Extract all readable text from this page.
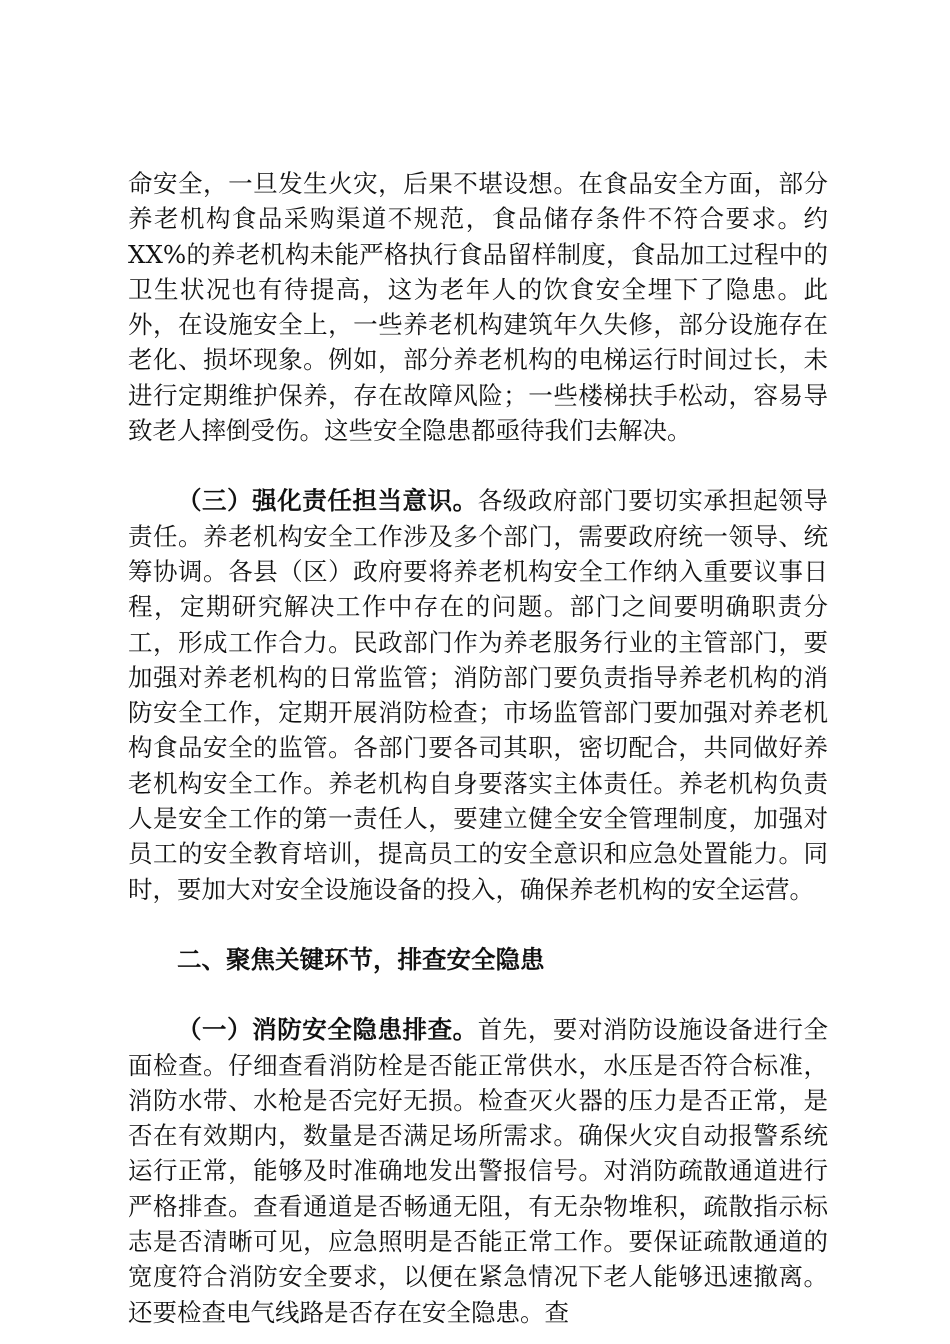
命安全，一旦发生火灾，后果不堪设想。在食品安全方面，部分养老机构食品采购渠道不规范，食品储存条件不符合要求。约XX%的养老机构未能严格执行食品留样制度，食品加工过程中的卫生状况也有待提高，这为老年人的饮食安全埋下了隐患。此外，在设施安全上，一些养老机构建筑年久失修，部分设施存在老化、损坏现象。例如，部分养老机构的电梯运行时间过长，未进行定期维护保养，存在故障风险；一些楼梯扶手松动，容易导致老人摔倒受伤。这些安全隐患都亟待我们去解决。

（三）强化责任担当意识。各级政府部门要切实承担起领导责任。养老机构安全工作涉及多个部门，需要政府统一领导、统筹协调。各县（区）政府要将养老机构安全工作纳入重要议事日程，定期研究解决工作中存在的问题。部门之间要明确职责分工，形成工作合力。民政部门作为养老服务行业的主管部门，要加强对养老机构的日常监管；消防部门要负责指导养老机构的消防安全工作，定期开展消防检查；市场监管部门要加强对养老机构食品安全的监管。各部门要各司其职，密切配合，共同做好养老机构安全工作。养老机构自身要落实主体责任。养老机构负责人是安全工作的第一责任人，要建立健全安全管理制度，加强对员工的安全教育培训，提高员工的安全意识和应急处置能力。同时，要加大对安全设施设备的投入，确保养老机构的安全运营。

二、聚焦关键环节，排查安全隐患

（一）消防安全隐患排查。首先，要对消防设施设备进行全面检查。仔细查看消防栓是否能正常供水，水压是否符合标准，消防水带、水枪是否完好无损。检查灭火器的压力是否正常，是否在有效期内，数量是否满足场所需求。确保火灾自动报警系统运行正常，能够及时准确地发出警报信号。对消防疏散通道进行严格排查。查看通道是否畅通无阻，有无杂物堆积，疏散指示标志是否清晰可见，应急照明是否能正常工作。要保证疏散通道的宽度符合消防安全要求，以便在紧急情况下老人能够迅速撤离。还要检查电气线路是否存在安全隐患。查
